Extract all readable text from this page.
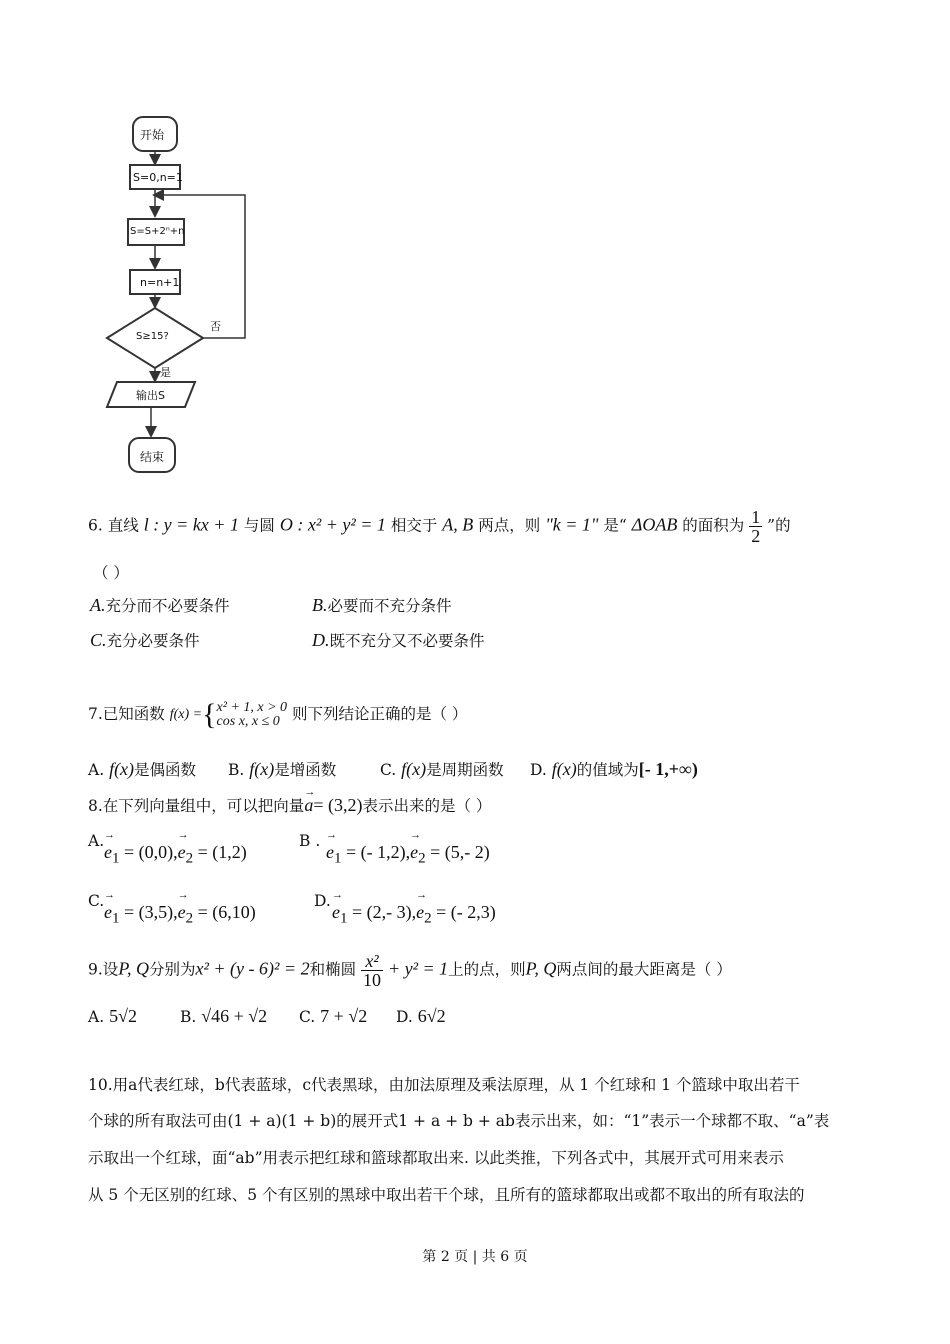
开始
S=0,n=1
S=S+2ⁿ+n
n=n+1
S≥15?
否
是
输出S
结束
6. 直线 l : y = kx + 1 与圆 O : x² + y² = 1 相交于 A, B 两点，则 "k = 1" 是“ ΔOAB 的面积为 $\frac{1}{2}$ ”的
（ ）
A.充分而不必要条件	B.必要而不充分条件
C.充分必要条件	D.既不充分又不必要条件
7.已知函数 f(x) ={ x² + 1, x > 0
cos x, x ≤ 0 则下列结论正确的是（ ）
A. f(x)是偶函数 B. f(x)是增函数	C. f(x)是周期函数 D. f(x)的值域为[- 1,+∞)
8.在下列向量组中，可以把向量→ a= (3,2)表示出来的是（ ）
A.
→ $e_1 = (0,0),\to e_2 = (1,2)$
B .
→ $e_1$ = (- $1,2),\to e_2 = (5,-$ 2)
C.
→ $e_1 = (3,5),\to e_2 = (6,10)$
D.
→ $e_1 = (2,-$ $3),\to e_2$ = (- 2,3)
9.设P, Q分别为x² + (y - 6)² = 2和椭圆 $\frac{\text{x²}}{10} + y^2 = 1$上的点，则P, Q两点间的最大距离是（ ）
A. 5√2	B. √46 + √2 C. 7 + √2 D. 6√2
10.用a代表红球，b代表蓝球，c代表黑球，由加法原理及乘法原理，从 1 个红球和 1 个篮球中取出若干
个球的所有取法可由(1 + a)(1 + b)的展开式1 + a + b + ab表示出来，如：“1”表示一个球都不取、“a”表
示取出一个红球，面“ab”用表示把红球和篮球都取出来. 以此类推，下列各式中，其展开式可用来表示
从 5 个无区别的红球、5 个有区别的黑球中取出若干个球，且所有的篮球都取出或都不取出的所有取法的
第 2 页 | 共 6 页
